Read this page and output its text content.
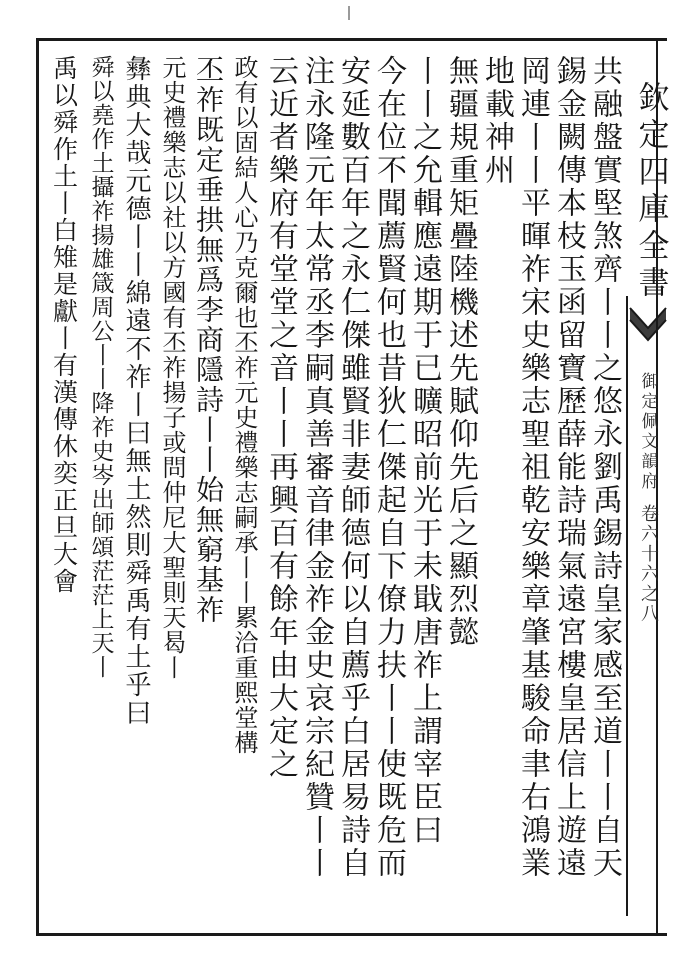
欽定四庫全書
御定佩文韻府
卷六十六之八
共融盤實堅煞齊丨丨之悠永劉禹錫詩皇家感至道丨丨自天
錫金闕傳本枝玉函留寶歷薛能詩瑞氣遠宮樓皇居信上遊遠
岡連丨丨平暉祚宋史樂志聖祖乾安樂章肇基駿命聿右鴻業
地載神州
無疆規重矩疊陸機述先賦仰先后之顯烈懿
丨丨之允輯應遠期于已曠昭前光于未戢唐祚上謂宰臣曰
今在位不聞薦賢何也昔狄仁傑起自下僚力扶丨丨使既危而
安延數百年之永仁傑雖賢非妻師德何以自薦乎白居易詩自
注永隆元年太常丞李嗣真善審音律金祚金史哀宗紀贊丨丨
云近者樂府有堂堂之音丨丨再興百有餘年由大定之
政有以固結人心乃克爾也丕祚元史禮樂志嗣承丨丨累洽重熙堂構
丕祚既定垂拱無爲李商隱詩丨丨始無窮基祚
元史禮樂志以社以方國有丕祚揚子或問仲尼大聖則天曷丨
彝典大哉元德丨丨綿遠不祚丨曰無土然則舜禹有土乎曰
舜以堯作土攝祚揚雄箴周公丨丨降祚史岑出師頌茫茫上天丨
禹以舜作土丨白雉是獻丨有漢傳休奕正旦大會
